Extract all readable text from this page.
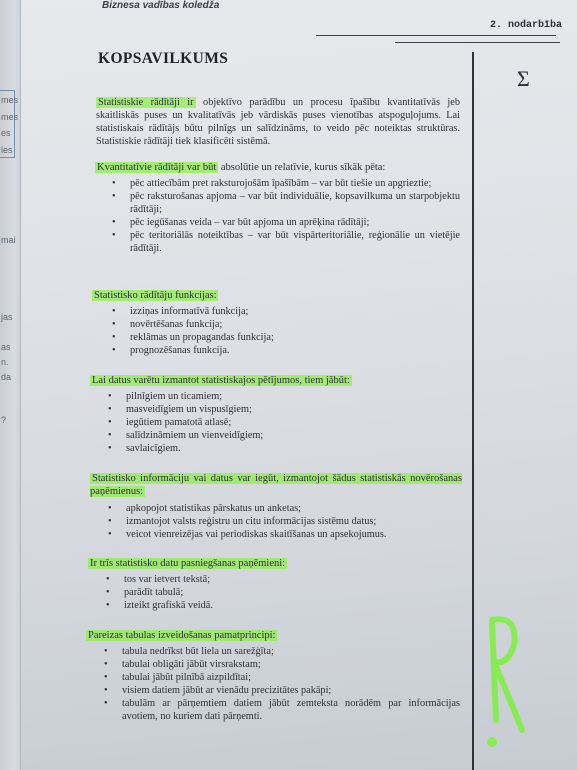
mes
mes
es
les
mai
jas
as
n.
da
?
Biznesa vadības koledža
2. nodarbība
Σ
KOPSAVILKUMS
Statistiskie rādītāji ir objektīvo parādību un procesu īpašību kvantitatīvās jeb skaitliskās puses un kvalitatīvās jeb vārdiskās puses vienotības atspoguļojums. Lai statistiskais rādītājs būtu pilnīgs un salīdzināms, to veido pēc noteiktas struktūras. Statistiskie rādītāji tiek klasificēti sistēmā.
Kvantitatīvie rādītāji var būt absolūtie un relatīvie, kurus sīkāk pēta:
• pēc attiecībām pret raksturojošām īpašībām – var būt tiešie un apgrieztie;
• pēc raksturošanas apjoma – var būt individuālie, kopsavilkuma un starpobjektu rādītāji;
• pēc iegūšanas veida – var būt apjoma un aprēķina rādītāji;
• pēc teritoriālās noteiktības – var būt vispārteritoriālie, reģionālie un vietējie rādītāji.
Statistisko rādītāju funkcijas:
• izziņas informatīvā funkcija;
• novērtēšanas funkcija;
• reklāmas un propagandas funkcija;
• prognozēšanas funkcija.
Lai datus varētu izmantot statistiskajos pētījumos, tiem jābūt:
• pilnīgiem un ticamiem;
• masveidīgiem un vispusīgiem;
• iegūtiem pamatotā atlasē;
• salīdzināmiem un vienveidīgiem;
• savlaicīgiem.
Statistisko informāciju vai datus var iegūt, izmantojot šādus statistiskās novērošanas paņēmienus:
• apkopojot statistikas pārskatus un anketas;
• izmantojot valsts reģistru un citu informācijas sistēmu datus;
• veicot vienreizējas vai periodiskas skaitīšanas un apsekojumus.
Ir trīs statistisko datu pasniegšanas paņēmieni:
• tos var ietvert tekstā;
• parādīt tabulā;
• izteikt grafiskā veidā.
Pareizas tabulas izveidošanas pamatprincipi:
• tabula nedrīkst būt liela un sarežģīta;
• tabulai obligāti jābūt virsrakstam;
• tabulai jābūt pilnībā aizpildītai;
• visiem datiem jābūt ar vienādu precizitātes pakāpi;
• tabulām ar pārņemtiem datiem jābūt zemteksta norādēm par informācijas avotiem, no kuriem dati pārņemti.
